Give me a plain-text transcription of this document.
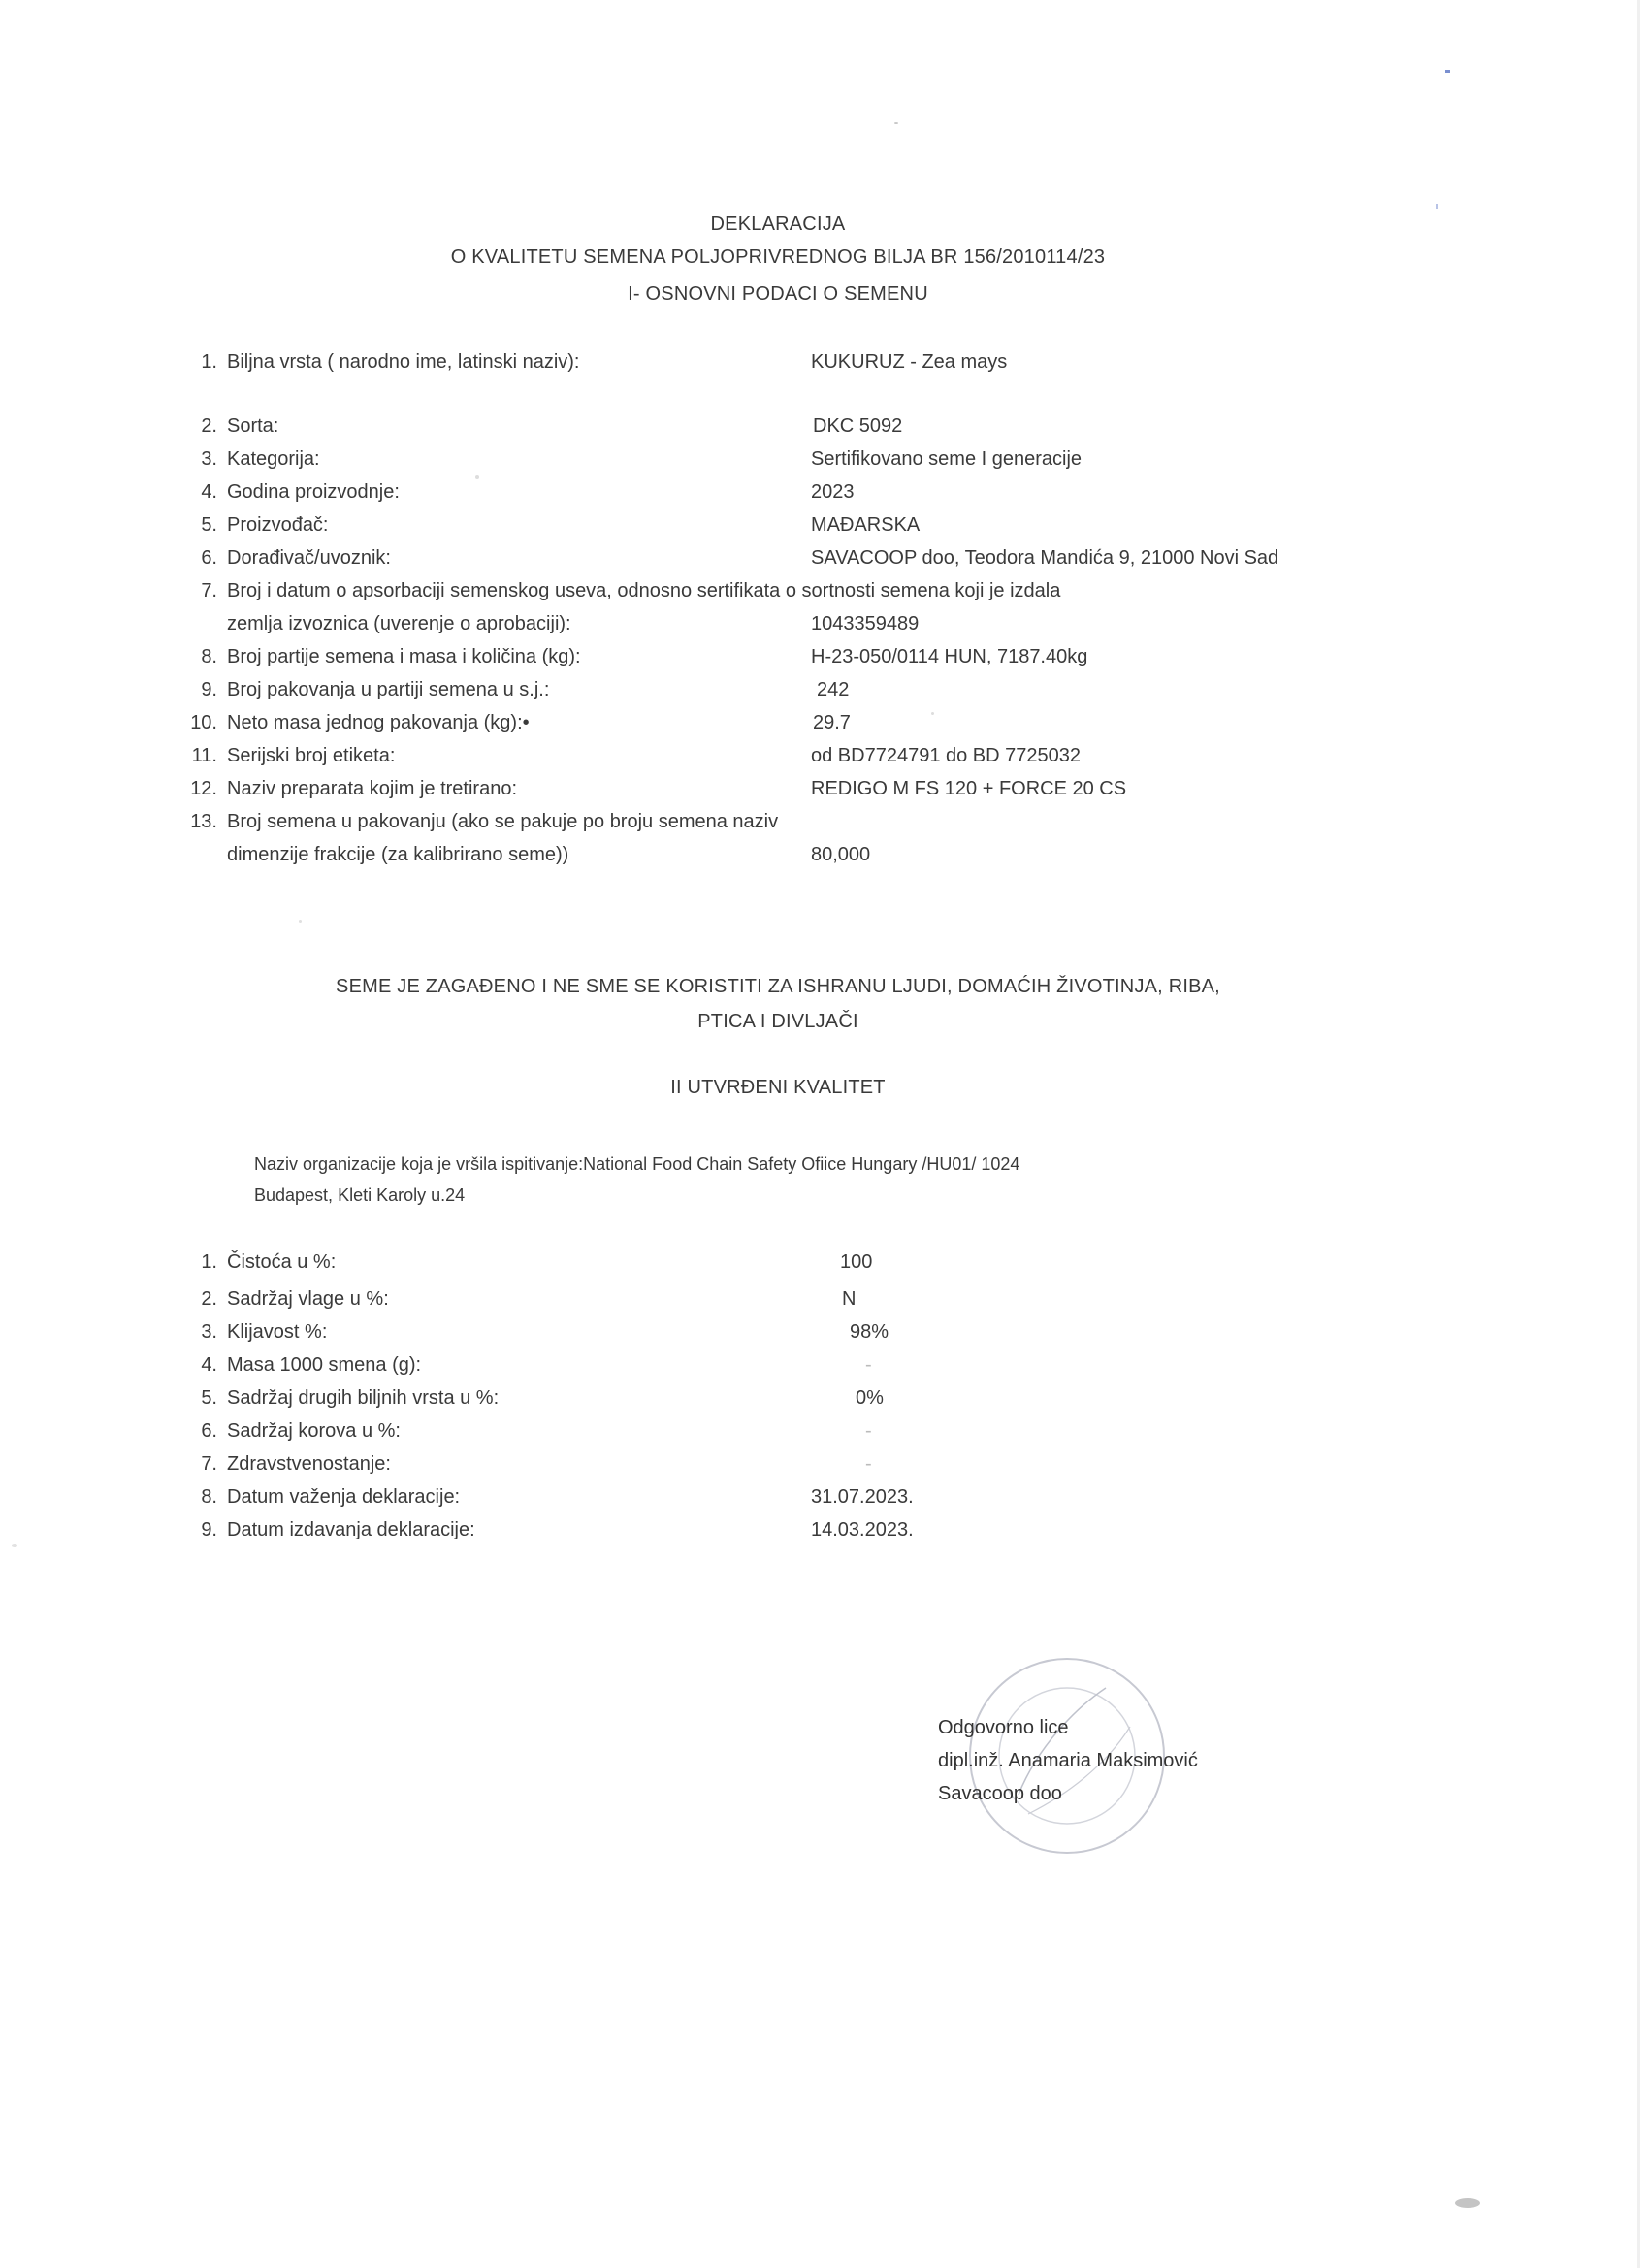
DEKLARACIJA
O KVALITETU SEMENA POLJOPRIVREDNOG BILJA BR 156/2010114/23
I- OSNOVNI PODACI O SEMENU
1. Biljna vrsta ( narodno ime, latinski naziv):	KUKURUZ - Zea mays
2. Sorta:	DKC 5092
3. Kategorija:	Sertifikovano seme I generacije
4. Godina proizvodnje:	2023
5. Proizvođač:	MAĐARSKA
6. Dorađivač/uvoznik:	SAVACOOP doo, Teodora Mandića 9, 21000 Novi Sad
7. Broj i datum o apsorbaciji semenskog useva, odnosno sertifikata o sortnosti semena koji je izdala
zemlja izvoznica (uverenje o aprobaciji):	1043359489
8. Broj partije semena i masa i količina (kg):	H-23-050/0114 HUN, 7187.40kg
9. Broj pakovanja u partiji semena u s.j.:	242
10. Neto masa jednog pakovanja (kg):•	29.7
11. Serijski broj etiketa:	od BD7724791 do BD 7725032
12. Naziv preparata kojim je tretirano:	REDIGO M FS 120 + FORCE 20 CS
13. Broj semena u pakovanju (ako se pakuje po broju semena naziv
dimenzije frakcije (za kalibrirano seme))	80,000
SEME JE ZAGAĐENO I NE SME SE KORISTITI ZA ISHRANU LJUDI, DOMAĆIH ŽIVOTINJA, RIBA,
PTICA I DIVLJAČI
II UTVRĐENI KVALITET
Naziv organizacije koja je vršila ispitivanje:National Food Chain Safety Ofiice Hungary /HU01/ 1024
Budapest, Kleti Karoly u.24
1. Čistoća u %:	100
2. Sadržaj vlage u %:	N
3. Klijavost %:	98%
4. Masa 1000 smena (g):	-
5. Sadržaj drugih biljnih vrsta u %:	0%
6. Sadržaj korova u %:	-
7. Zdravstvenostanje:	-
8. Datum važenja deklaracije:	31.07.2023.
9. Datum izdavanja deklaracije:	14.03.2023.
Odgovorno lice
dipl.inž. Anamaria Maksimović
Savacoop doo
